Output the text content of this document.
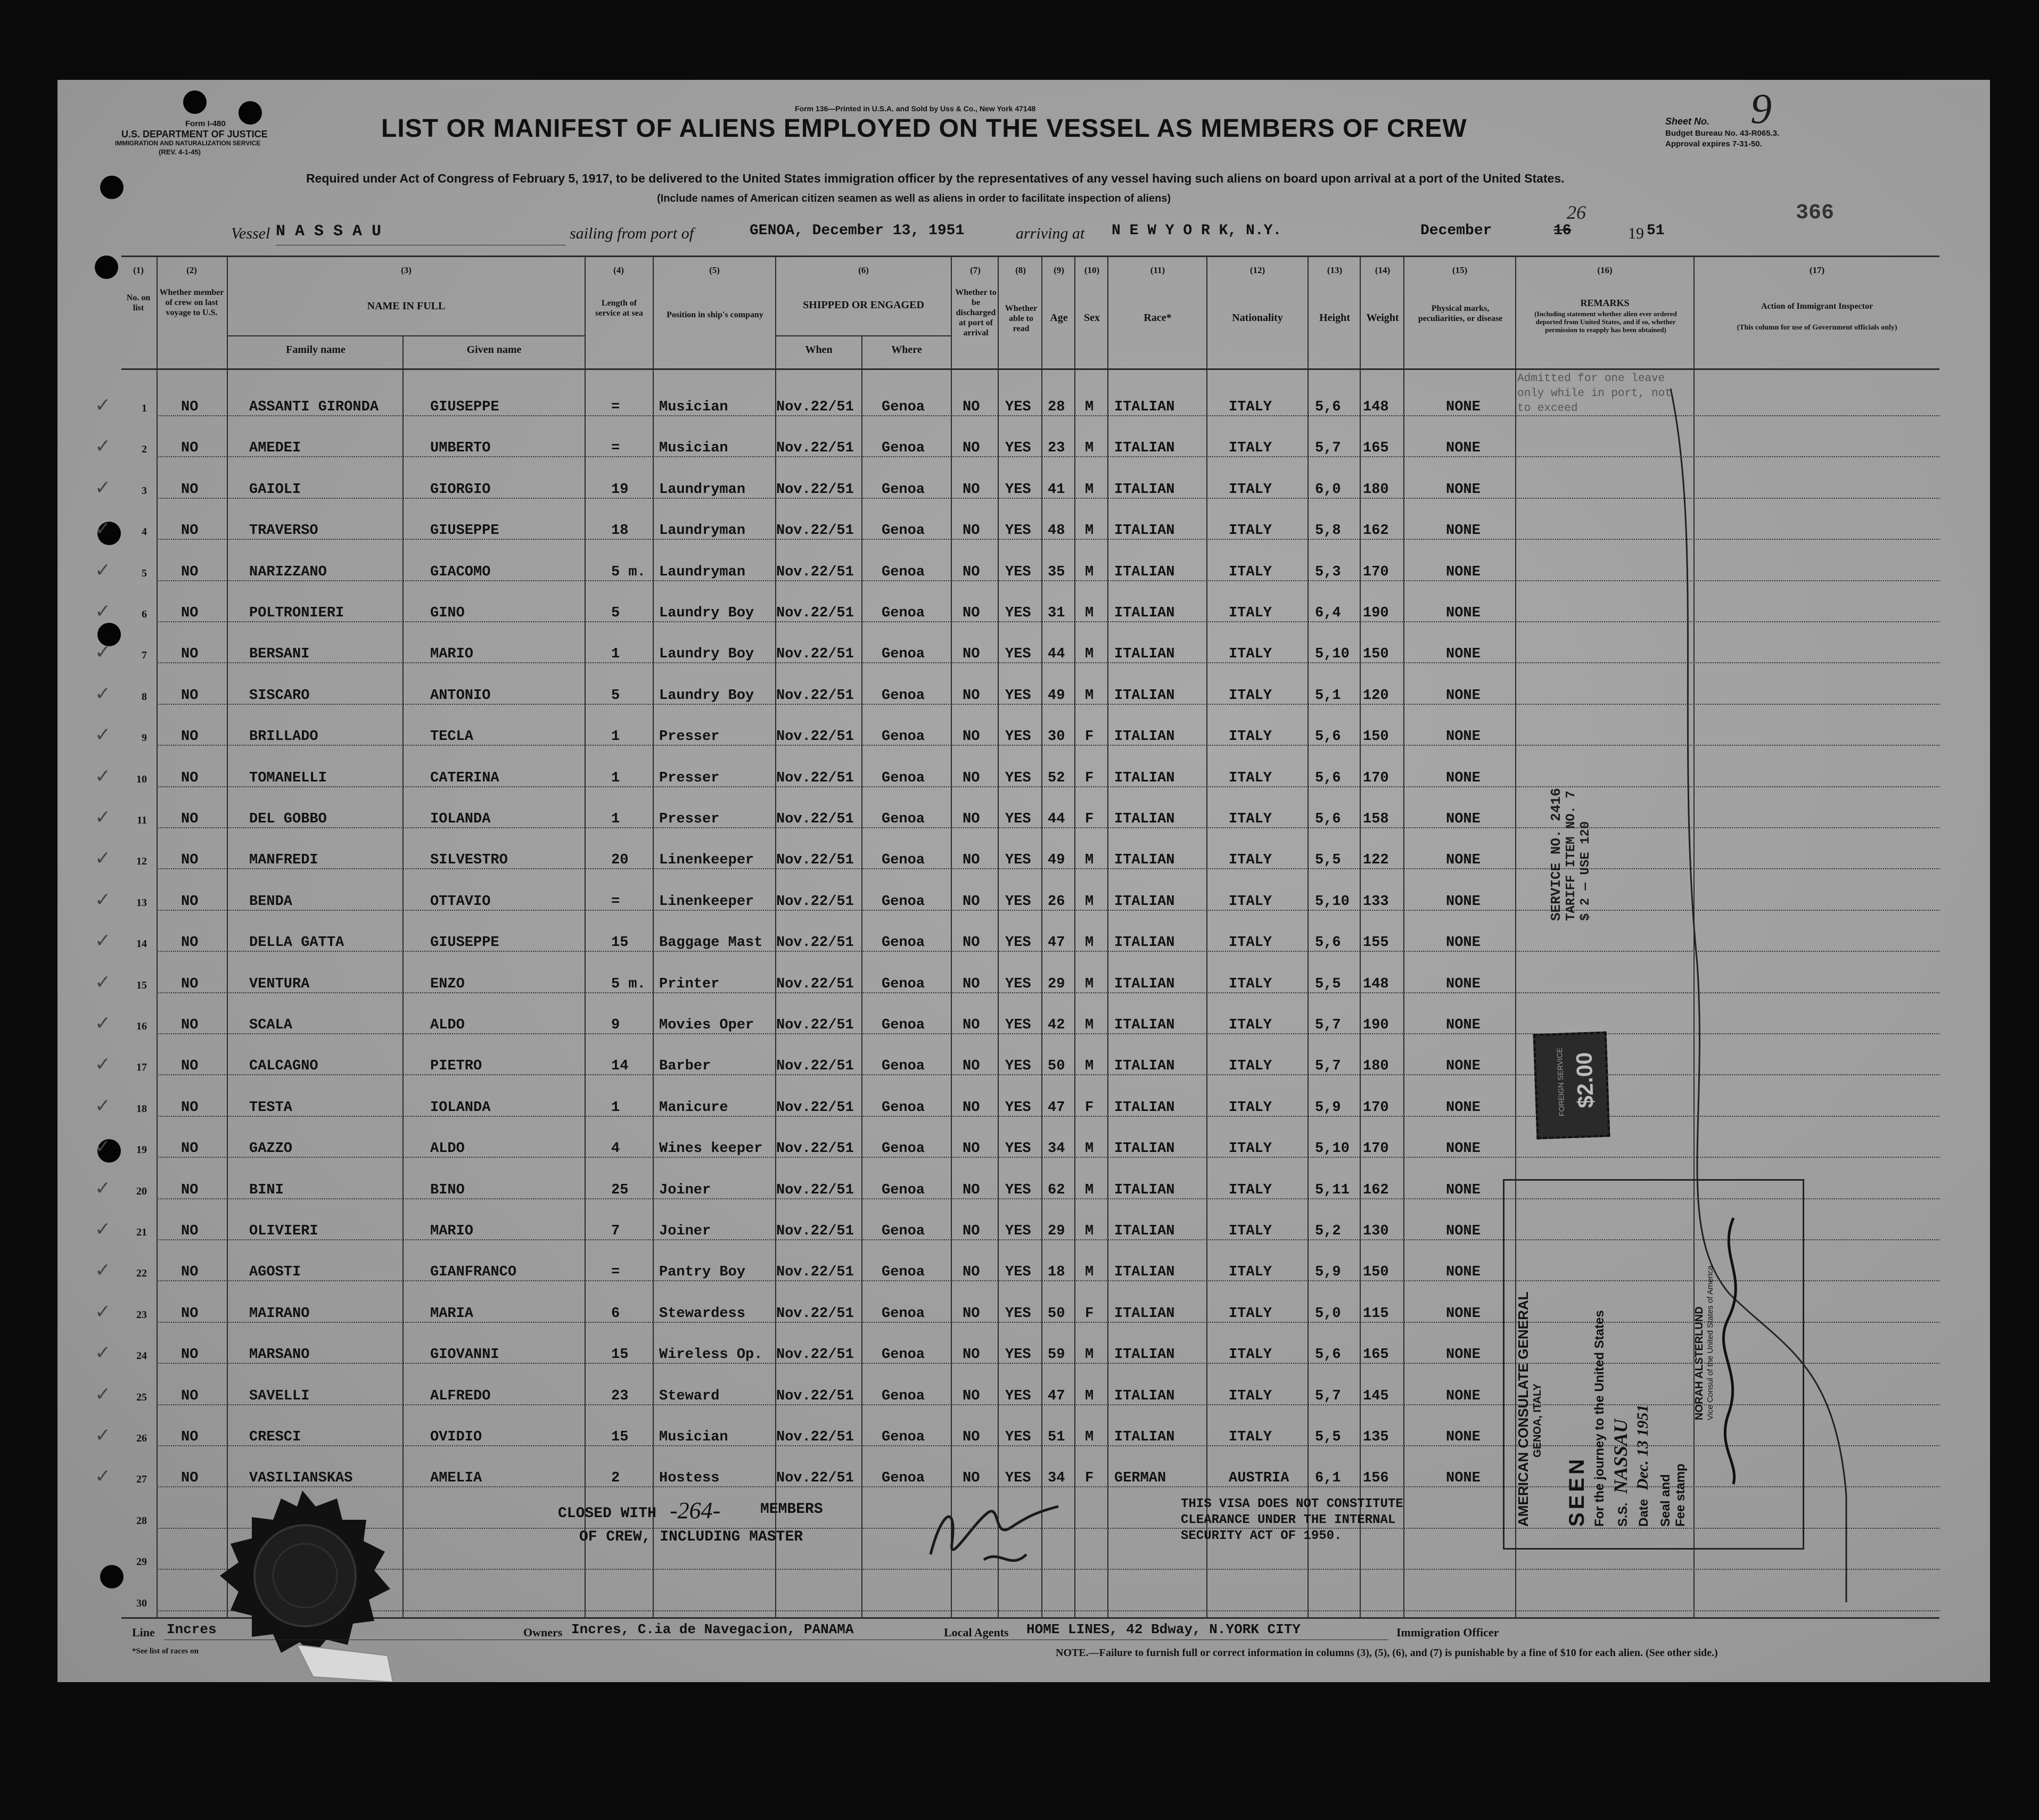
Form I-480
U.S. DEPARTMENT OF JUSTICE
IMMIGRATION AND NATURALIZATION SERVICE
(REV. 4-1-45)
Form 136—Printed in U.S.A. and Sold by Uss & Co., New York 47148
Sheet No. 9
Budget Bureau No. 43-R065.3.
Approval expires 7-31-50.
366
LIST OR MANIFEST OF ALIENS EMPLOYED ON THE VESSEL AS MEMBERS OF CREW
Required under Act of Congress of February 5, 1917, to be delivered to the United States immigration officer by the representatives of any vessel having such aliens on board upon arrival at a port of the United States.
(Include names of American citizen seamen as well as aliens in order to facilitate inspection of aliens)
Vessel N A S S A U	sailing from port of	GENOA, December 13, 1951	arriving at N E W Y O R K, N.Y.	December	16
26
19 51
(1)	(2)	(3)	(4)	(5)	(6)	(7)	(8)	(9)	(10)	(11)	(12)	(13)	(14)	(15)	(16)	(17)
No. on list
Whether member of crew on last voyage to U.S.
NAME IN FULL
Family name	Given name
Length of service at sea	Position in ship's company
SHIPPED OR ENGAGED
When	Where
Whether to be discharged at port of arrival
Whether able to read
Age	Sex	Race*	Nationality	Height	Weight
Physical marks, peculiarities, or disease
REMARKS
(Including statement whether alien ever ordered deported from United States, and if so, whether permission to reapply has been obtained)
Action of Immigrant Inspector
(This column for use of Government officials only)
1 NO	ASSANTI GIRONDA	GIUSEPPE	=	Musician	Nov.22/51 Genoa	NO YES 28 M ITALIAN	ITALY	5,6 148	NONE
✓
2 NO	AMEDEI	UMBERTO	=	Musician	Nov.22/51 Genoa	NO YES 23 M ITALIAN	ITALY	5,7 165	NONE
✓
3 NO	GAIOLI	GIORGIO	19 Laundryman Nov.22/51 Genoa	NO YES 41 M ITALIAN	ITALY	6,0 180	NONE
✓
4 NO	TRAVERSO	GIUSEPPE	18 Laundryman Nov.22/51 Genoa	NO YES 48 M ITALIAN	ITALY	5,8 162	NONE
✓
5 NO	NARIZZANO	GIACOMO	5 m. Laundryman Nov.22/51 Genoa	NO YES 35 M ITALIAN	ITALY	5,3 170	NONE
✓
6 NO	POLTRONIERI	GINO	5	Laundry Boy Nov.22/51 Genoa	NO YES 31 M ITALIAN	ITALY	6,4 190	NONE
✓
7 NO	BERSANI	MARIO	1	Laundry Boy Nov.22/51 Genoa	NO YES 44 M ITALIAN	ITALY	5,10 150	NONE
✓
8 NO	SISCARO	ANTONIO	5	Laundry Boy Nov.22/51 Genoa	NO YES 49 M ITALIAN	ITALY	5,1 120	NONE
✓
9 NO	BRILLADO	TECLA	1	Presser	Nov.22/51 Genoa	NO YES 30 F ITALIAN	ITALY	5,6 150	NONE
✓
10 NO	TOMANELLI	CATERINA	1	Presser	Nov.22/51 Genoa	NO YES 52 F ITALIAN	ITALY	5,6 170	NONE
✓
11 NO	DEL GOBBO	IOLANDA	1	Presser	Nov.22/51 Genoa	NO YES 44 F ITALIAN	ITALY	5,6 158	NONE
✓
12 NO	MANFREDI	SILVESTRO	20 Linenkeeper Nov.22/51 Genoa	NO YES 49 M ITALIAN	ITALY	5,5 122	NONE
✓
13 NO	BENDA	OTTAVIO	=	Linenkeeper Nov.22/51 Genoa	NO YES 26 M ITALIAN	ITALY	5,10 133	NONE
✓
14 NO	DELLA GATTA	GIUSEPPE	15 Baggage Mast Nov.22/51 Genoa	NO YES 47 M ITALIAN	ITALY	5,6 155	NONE
✓
15 NO	VENTURA	ENZO	5 m. Printer	Nov.22/51 Genoa	NO YES 29 M ITALIAN	ITALY	5,5 148	NONE
✓
16 NO	SCALA	ALDO	9	Movies Oper Nov.22/51 Genoa	NO YES 42 M ITALIAN	ITALY	5,7 190	NONE
✓
17 NO	CALCAGNO	PIETRO	14 Barber	Nov.22/51 Genoa	NO YES 50 M ITALIAN	ITALY	5,7 180	NONE
✓
18 NO	TESTA	IOLANDA	1	Manicure	Nov.22/51 Genoa	NO YES 47 F ITALIAN	ITALY	5,9 170	NONE
✓
19 NO	GAZZO	ALDO	4	Wines keeper Nov.22/51 Genoa	NO YES 34 M ITALIAN	ITALY	5,10 170	NONE
✓
20 NO	BINI	BINO	25 Joiner	Nov.22/51 Genoa	NO YES 62 M ITALIAN	ITALY	5,11 162	NONE
✓
21 NO	OLIVIERI	MARIO	7	Joiner	Nov.22/51 Genoa	NO YES 29 M ITALIAN	ITALY	5,2 130	NONE
✓
22 NO	AGOSTI	GIANFRANCO	=	Pantry Boy Nov.22/51 Genoa	NO YES 18 M ITALIAN	ITALY	5,9 150	NONE
✓
23 NO	MAIRANO	MARIA	6	Stewardess Nov.22/51 Genoa	NO YES 50 F ITALIAN	ITALY	5,0 115	NONE
✓
24 NO	MARSANO	GIOVANNI	15 Wireless Op. Nov.22/51 Genoa	NO YES 59 M ITALIAN	ITALY	5,6 165	NONE
✓
25 NO	SAVELLI	ALFREDO	23 Steward	Nov.22/51 Genoa	NO YES 47 M ITALIAN	ITALY	5,7 145	NONE
✓
26 NO	CRESCI	OVIDIO	15 Musician	Nov.22/51 Genoa	NO YES 51 M ITALIAN	ITALY	5,5 135	NONE
✓
27 NO	VASILIANSKAS	AMELIA	2	Hostess	Nov.22/51 Genoa	NO YES 34 F GERMAN	AUSTRIA 6,1 156	NONE
✓
28
29
30
Admitted for one leave only while in port, not to exceed
$2.00
FOREIGN SERVICE
SERVICE NO. 2416 TARIFF ITEM NO. 7 $ 2 — USE 120
AMERICAN CONSULATE GENERAL GENOA, ITALY
SEEN For the journey to the United States S.S. NASSAU
Date Dec. 13 1951
Seal and Fee stamp
NORAH ALSTERLUND Vice Consul of the United States of America
CLOSED WITH -264-	MEMBERS
OF CREW, INCLUDING MASTER
THIS VISA DOES NOT CONSTITUTE
CLEARANCE UNDER THE INTERNAL
SECURITY ACT OF 1950.
Line Incres	Owners Incres, C.ia de Navegacion, PANAMA	Local Agents HOME LINES, 42 Bdway, N.YORK CITY	Immigration Officer
*See list of races on	NOTE.—Failure to furnish full or correct information in columns (3), (5), (6), and (7) is punishable by a fine of $10 for each alien. (See other side.)
